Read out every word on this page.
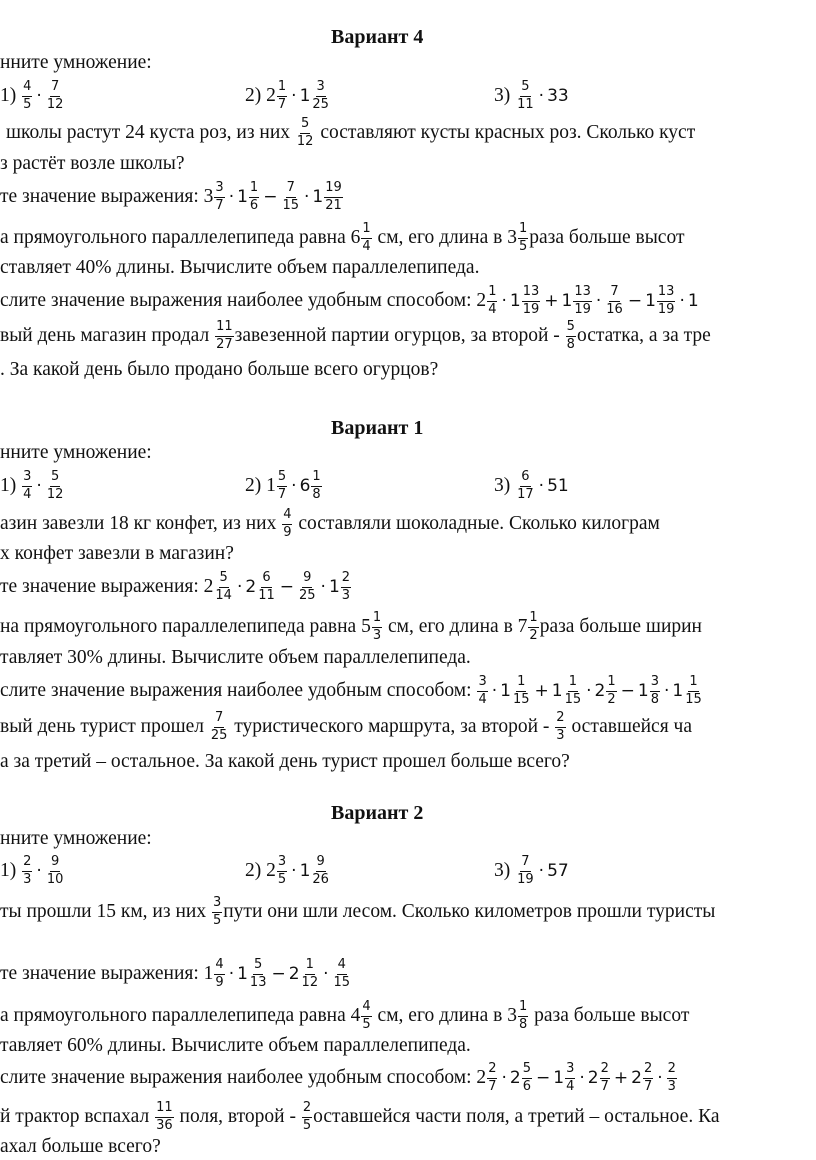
Вариант 4
нните умножение:
$1) \frac{4}{5} \cdot \frac{7}{12}$	2) $2 \frac{1}{7} \cdot 1 \frac{3}{25}$	$3) \frac{5}{11} \cdot 33$
школы растут 24 куста роз, из них $\frac{5}{12}$ составляют кусты красных роз. Сколько куст
з растёт возле школы?
те значение выражения: $3 \frac{3}{7} \cdot 1 \frac{1}{6} - \frac{7}{15} \cdot 1 \frac{19}{21}$
а прямоугольного параллелепипеда равна $6 \frac{1}{4}$ см, его длина в $3 \frac{1}{5}$ раза больше высот
ставляет 40% длины. Вычислите объем параллелепипеда.
слите значение выражения наиболее удобным способом: $2 \frac{1}{4} \cdot 1 \frac{13}{19} + 1 \frac{13}{19} \cdot \frac{7}{16} - 1 \frac{13}{19} \cdot 1$
вый день магазин продал $\frac{11}{27}$ завезенной партии огурцов, за второй - $\frac{5}{8}$ остатка, а за тре
. За какой день было продано больше всего огурцов?
Вариант 1
нните умножение:
$1) \frac{3}{4} \cdot \frac{5}{12}$	2) $1 \frac{5}{7} \cdot 6 \frac{1}{8}$	$3) \frac{6}{17} \cdot 51$
азин завезли 18 кг конфет, из них $\frac{4}{9}$ составляли шоколадные. Сколько килограм
х конфет завезли в магазин?
те значение выражения: $2 \frac{5}{14} \cdot 2 \frac{6}{11} - \frac{9}{25} \cdot 1 \frac{2}{3}$
на прямоугольного параллелепипеда равна $5 \frac{1}{3}$ см, его длина в $7 \frac{1}{2}$ раза больше ширин
тавляет 30% длины. Вычислите объем параллелепипеда.
слите значение выражения наиболее удобным способом: $\frac{3}{4} \cdot 1 \frac{1}{15} + 1 \frac{1}{15} \cdot 2 \frac{1}{2} - 1 \frac{3}{8} \cdot 1 \frac{1}{15}$
вый день турист прошел $\frac{7}{25}$ туристического маршрута, за второй - $\frac{2}{3}$ оставшейся ча
а за третий – остальное. За какой день турист прошел больше всего?
Вариант 2
нните умножение:
$1) \frac{2}{3} \cdot \frac{9}{10}$	2) $2 \frac{3}{5} \cdot 1 \frac{9}{26}$	$3) \frac{7}{19} \cdot 57$
ты прошли 15 км, из них $\frac{3}{5}$ пути они шли лесом. Сколько километров прошли туристы
те значение выражения: $1 \frac{4}{9} \cdot 1 \frac{5}{13} - 2 \frac{1}{12} \cdot \frac{4}{15}$
а прямоугольного параллелепипеда равна $4 \frac{4}{5}$ см, его длина в $3 \frac{1}{8}$ раза больше высот
тавляет 60% длины. Вычислите объем параллелепипеда.
слите значение выражения наиболее удобным способом: $2 \frac{2}{7} \cdot 2 \frac{5}{6} - 1 \frac{3}{4} \cdot 2 \frac{2}{7} + 2 \frac{2}{7} \cdot \frac{2}{3}$
й трактор вспахал $\frac{11}{36}$ поля, второй - $\frac{2}{5}$ оставшейся части поля, а третий – остальное. Ка
ахал больше всего?
